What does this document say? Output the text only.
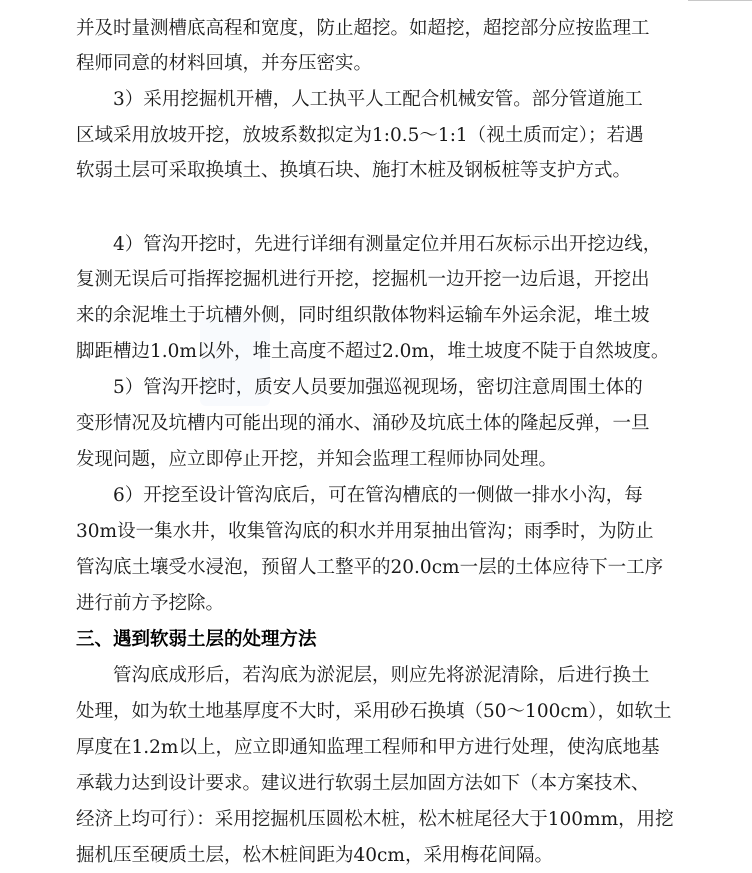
并及时量测槽底高程和宽度，防止超挖。如超挖，超挖部分应按监理工
程师同意的材料回填，并夯压密实。
　　3）采用挖掘机开槽，人工执平人工配合机械安管。部分管道施工
区域采用放坡开挖，放坡系数拟定为1:0.5～1:1（视土质而定）；若遇
软弱土层可采取换填土、换填石块、施打木桩及钢板桩等支护方式。
　　4）管沟开挖时，先进行详细有测量定位并用石灰标示出开挖边线，
复测无误后可指挥挖掘机进行开挖，挖掘机一边开挖一边后退，开挖出
来的余泥堆土于坑槽外侧，同时组织散体物料运输车外运余泥，堆土坡
脚距槽边1.0m以外，堆土高度不超过2.0m，堆土坡度不陡于自然坡度。
　　5）管沟开挖时，质安人员要加强巡视现场，密切注意周围土体的
变形情况及坑槽内可能出现的涌水、涌砂及坑底土体的隆起反弹，一旦
发现问题，应立即停止开挖，并知会监理工程师协同处理。
　　6）开挖至设计管沟底后，可在管沟槽底的一侧做一排水小沟，每
30m设一集水井，收集管沟底的积水并用泵抽出管沟；雨季时，为防止
管沟底土壤受水浸泡，预留人工整平的20.0cm一层的土体应待下一工序
进行前方予挖除。
三、遇到软弱土层的处理方法
　　管沟底成形后，若沟底为淤泥层，则应先将淤泥清除，后进行换土
处理，如为软土地基厚度不大时，采用砂石换填（50～100cm），如软土
厚度在1.2m以上，应立即通知监理工程师和甲方进行处理，使沟底地基
承载力达到设计要求。建议进行软弱土层加固方法如下（本方案技术、
经济上均可行）：采用挖掘机压圆松木桩，松木桩尾径大于100mm，用挖
掘机压至硬质土层，松木桩间距为40cm，采用梅花间隔。
